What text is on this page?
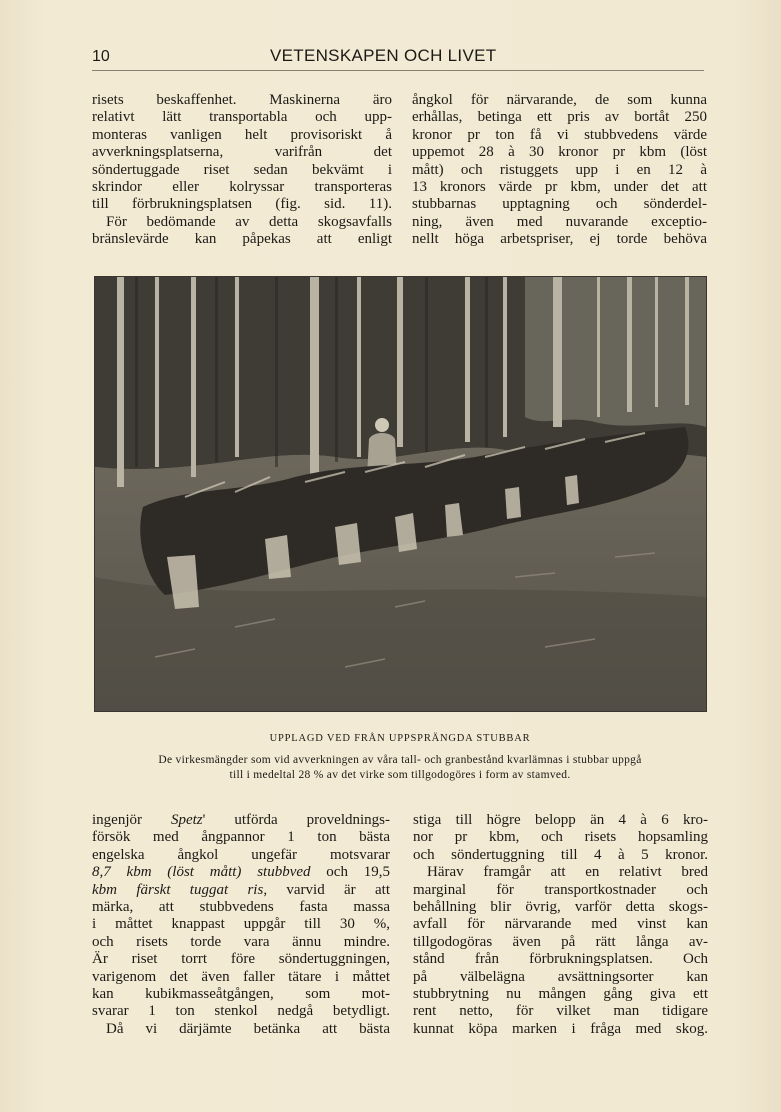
10	VETENSKAPEN OCH LIVET
risets beskaffenhet. Maskinerna äro
relativt lätt transportabla och upp-
monteras vanligen helt provisoriskt å
avverkningsplatserna, varifrån det
söndertuggade riset sedan bekvämt i
skrindor eller kolryssar transporteras
till förbrukningsplatsen (fig. sid. 11).
För bedömande av detta skogsavfalls
bränslevärde kan påpekas att enligt
ångkol för närvarande, de som kunna
erhållas, betinga ett pris av bortåt 250
kronor pr ton få vi stubbvedens värde
uppemot 28 à 30 kronor pr kbm (löst
mått) och ristuggets upp i en 12 à
13 kronors värde pr kbm, under det att
stubbarnas upptagning och sönderdel-
ning, även med nuvarande exceptio-
nellt höga arbetspriser, ej torde behöva
UPPLAGD VED FRÅN UPPSPRÄNGDA STUBBAR
De virkesmängder som vid avverkningen av våra tall- och granbestånd kvarlämnas i stubbar uppgå
till i medeltal 28 % av det virke som tillgodogöres i form av stamved.
ingenjör Spetz' utförda proveldnings-
försök med ångpannor 1 ton bästa
engelska ångkol ungefär motsvarar
8,7 kbm (löst mått) stubbved och 19,5
kbm färskt tuggat ris, varvid är att
märka, att stubbvedens fasta massa
i måttet knappast uppgår till 30 %,
och risets torde vara ännu mindre.
Är riset torrt före söndertuggningen,
varigenom det även faller tätare i måttet
kan kubikmasseåtgången, som mot-
svarar 1 ton stenkol nedgå betydligt.
Då vi därjämte betänka att bästa
stiga till högre belopp än 4 à 6 kro-
nor pr kbm, och risets hopsamling
och söndertuggning till 4 à 5 kronor.
Härav framgår att en relativt bred
marginal för transportkostnader och
behållning blir övrig, varför detta skogs-
avfall för närvarande med vinst kan
tillgodogöras även på rätt långa av-
stånd från förbrukningsplatsen. Och
på välbelägna avsättningsorter kan
stubbrytning nu mången gång giva ett
rent netto, för vilket man tidigare
kunnat köpa marken i fråga med skog.
